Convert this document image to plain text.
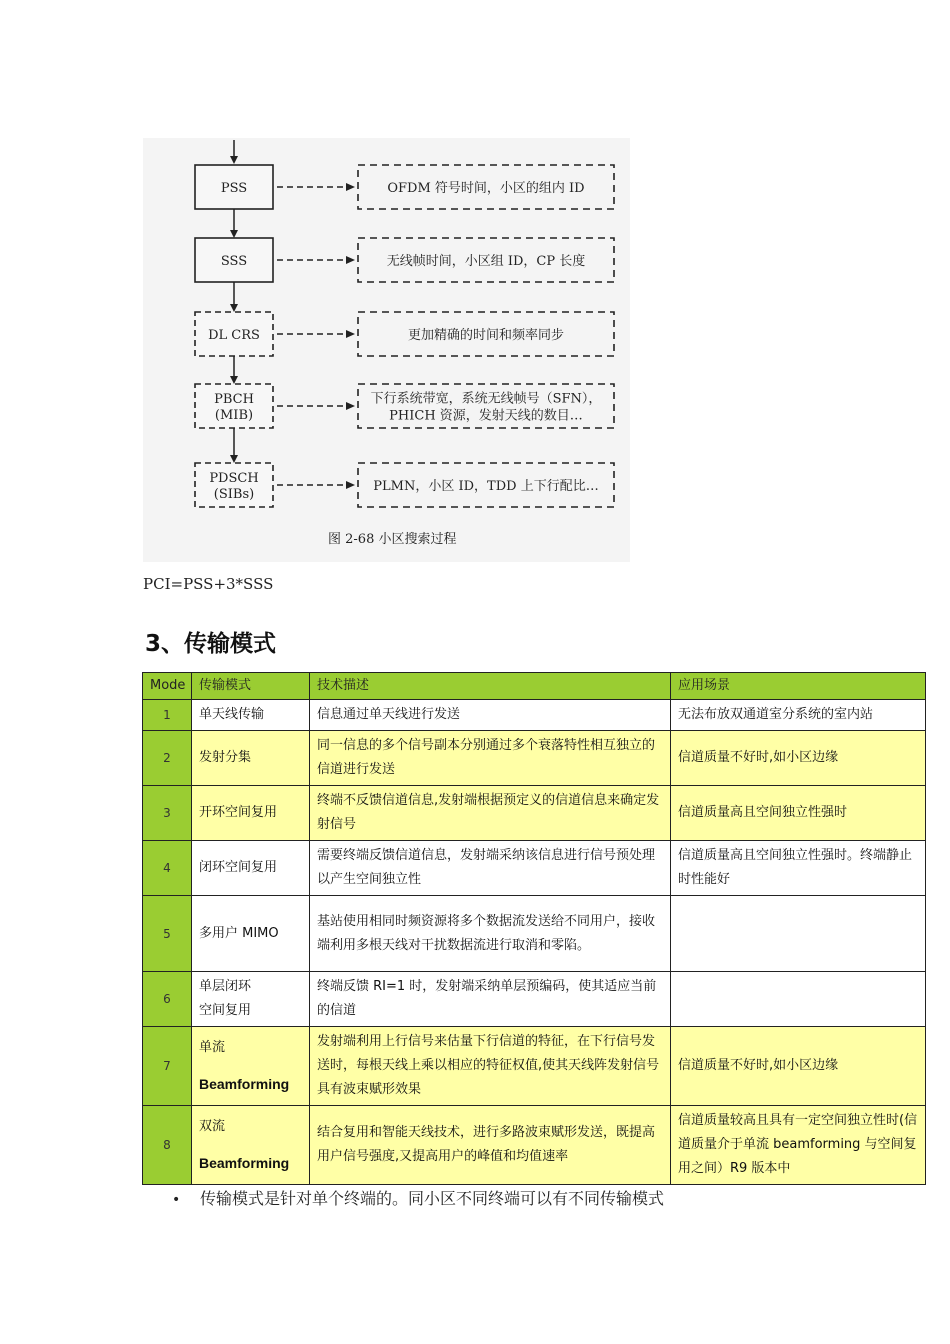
PSS	OFDM 符号时间，小区的组内 ID
SSS	无线帧时间，小区组 ID，CP 长度
DL CRS	更加精确的时间和频率同步
PBCH
(MIB)
下行系统带宽，系统无线帧号（SFN），
PHICH 资源，发射天线的数目…
PDSCH
(SIBs)
PLMN，小区 ID，TDD 上下行配比…
图 2-68 小区搜索过程
PCI=PSS+3*SSS
3、传输模式
Mode	传输模式	技术描述	应用场景
1	单天线传输	信息通过单天线进行发送	无法布放双通道室分系统的室内站
2	发射分集	同一信息的多个信号副本分别通过多个衰落特性相互独立的信道进行发送	信道质量不好时,如小区边缘
3	开环空间复用	终端不反馈信道信息,发射端根据预定义的信道信息来确定发射信号	信道质量高且空间独立性强时
4	闭环空间复用	需要终端反馈信道信息，发射端采纳该信息进行信号预处理以产生空间独立性	信道质量高且空间独立性强时。终端静止时性能好
5	多用户 MIMO	基站使用相同时频资源将多个数据流发送给不同用户，接收端利用多根天线对干扰数据流进行取消和零陷。	
6	单层闭环
空间复用	终端反馈 RI=1 时，发射端采纳单层预编码，使其适应当前的信道	
7	单流
Beamforming	发射端利用上行信号来估量下行信道的特征，在下行信号发送时，每根天线上乘以相应的特征权值,使其天线阵发射信号具有波束赋形效果	信道质量不好时,如小区边缘
8	双流
Beamforming	结合复用和智能天线技术，进行多路波束赋形发送，既提高用户信号强度,又提高用户的峰值和均值速率	信道质量较高且具有一定空间独立性时(信道质量介于单流 beamforming 与空间复用之间）R9 版本中
• 传输模式是针对单个终端的。同小区不同终端可以有不同传输模式
